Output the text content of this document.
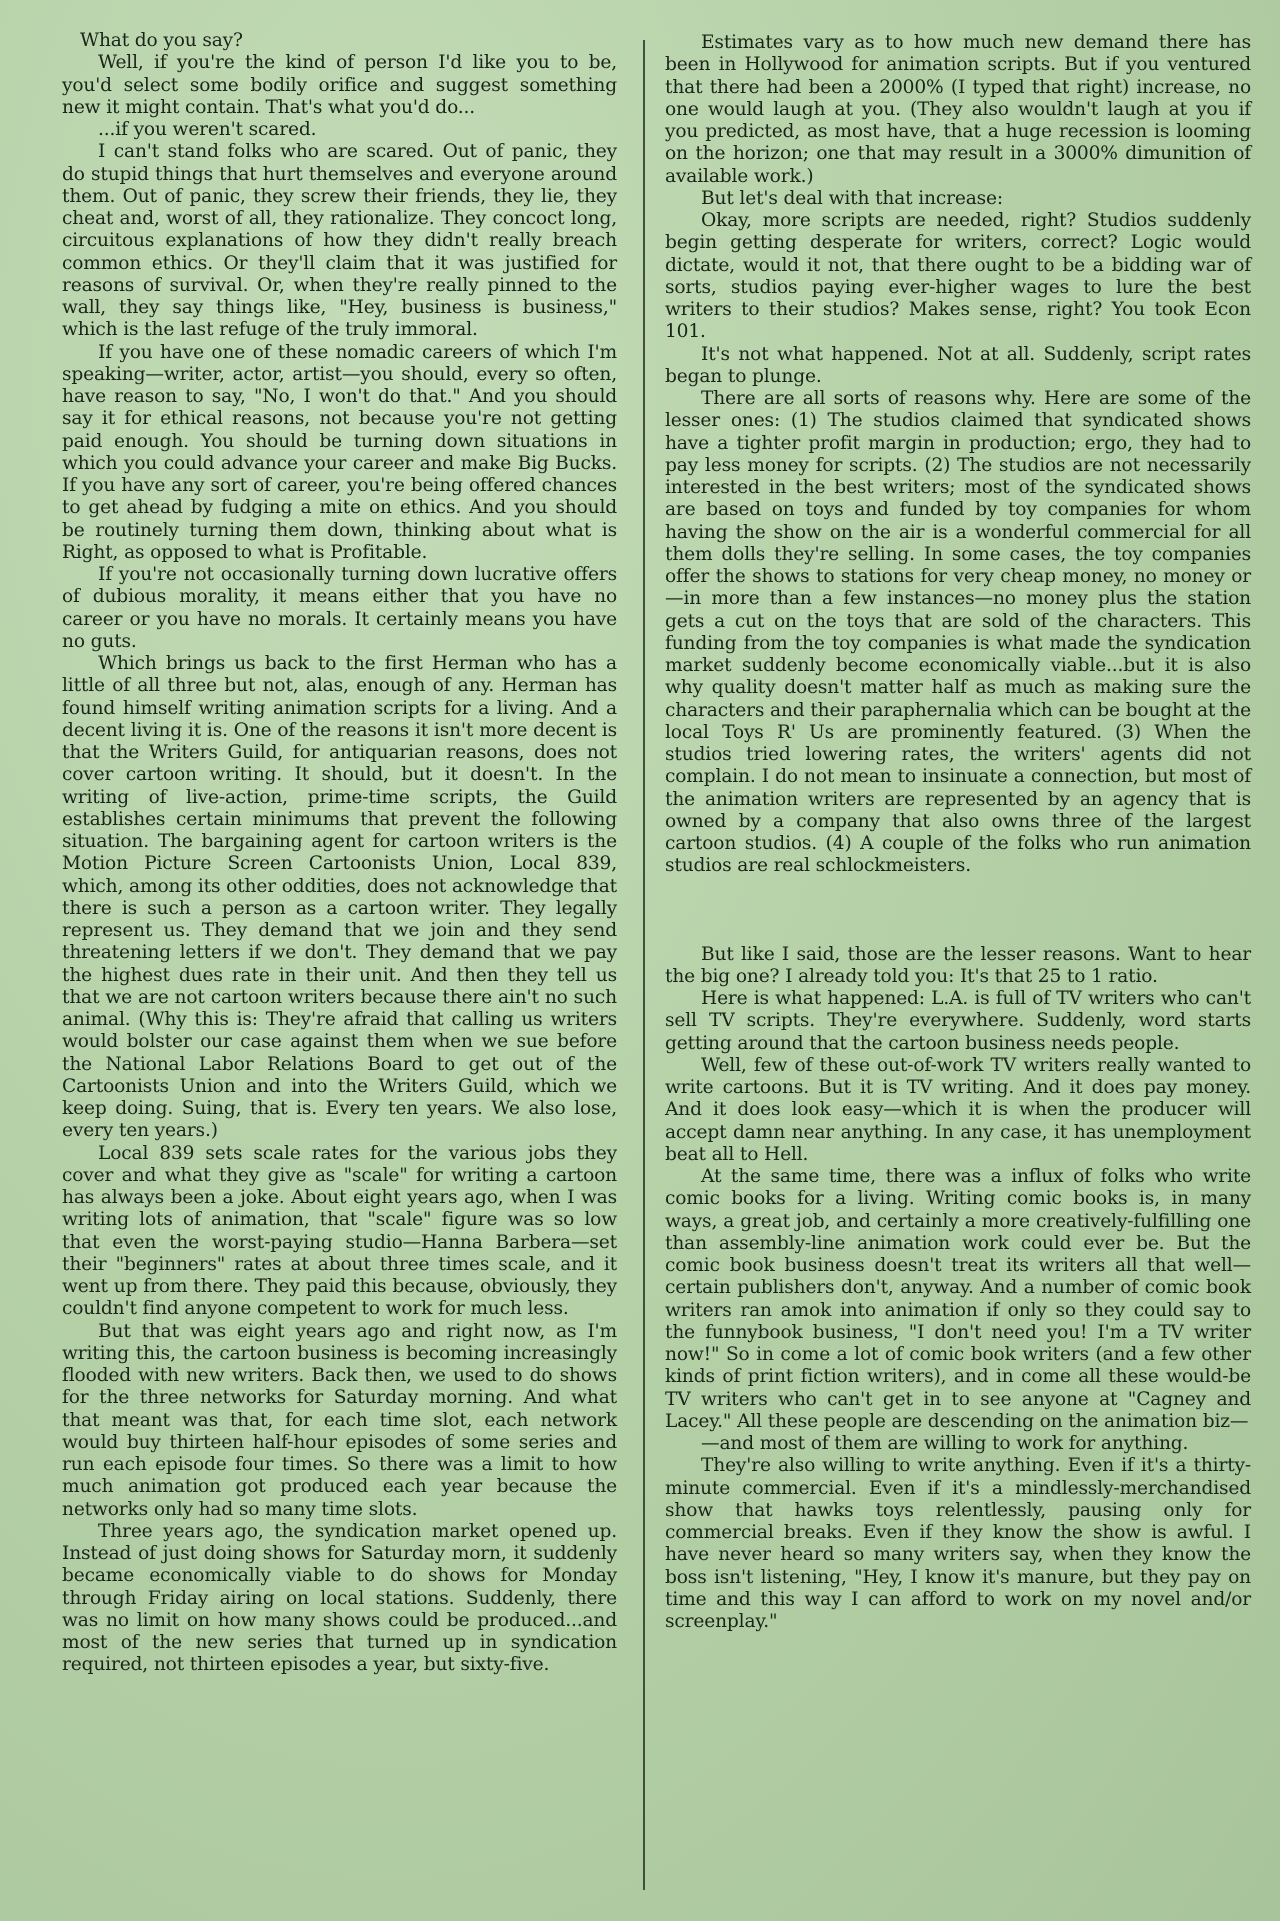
What do you say?

Well, if you're the kind of person I'd like you to be, you'd select some bodily orifice and suggest something new it might contain. That's what you'd do...

...if you weren't scared.

I can't stand folks who are scared. Out of panic, they do stupid things that hurt themselves and everyone around them. Out of panic, they screw their friends, they lie, they cheat and, worst of all, they rationalize. They concoct long, circuitous explanations of how they didn't really breach common ethics. Or they'll claim that it was justified for reasons of survival. Or, when they're really pinned to the wall, they say things like, "Hey, business is business," which is the last refuge of the truly immoral.

If you have one of these nomadic careers of which I'm speaking—writer, actor, artist—you should, every so often, have reason to say, "No, I won't do that." And you should say it for ethical reasons, not because you're not getting paid enough. You should be turning down situations in which you could advance your career and make Big Bucks. If you have any sort of career, you're being offered chances to get ahead by fudging a mite on ethics. And you should be routinely turning them down, thinking about what is Right, as opposed to what is Profitable.

If you're not occasionally turning down lucrative offers of dubious morality, it means either that you have no career or you have no morals. It certainly means you have no guts.

Which brings us back to the first Herman who has a little of all three but not, alas, enough of any. Herman has found himself writing animation scripts for a living. And a decent living it is. One of the reasons it isn't more decent is that the Writers Guild, for antiquarian reasons, does not cover cartoon writing. It should, but it doesn't. In the writing of live-action, prime-time scripts, the Guild establishes certain minimums that prevent the following situation. The bargaining agent for cartoon writers is the Motion Picture Screen Cartoonists Union, Local 839, which, among its other oddities, does not acknowledge that there is such a person as a cartoon writer. They legally represent us. They demand that we join and they send threatening letters if we don't. They demand that we pay the highest dues rate in their unit. And then they tell us that we are not cartoon writers because there ain't no such animal. (Why this is: They're afraid that calling us writers would bolster our case against them when we sue before the National Labor Relations Board to get out of the Cartoonists Union and into the Writers Guild, which we keep doing. Suing, that is. Every ten years. We also lose, every ten years.)

Local 839 sets scale rates for the various jobs they cover and what they give as "scale" for writing a cartoon has always been a joke. About eight years ago, when I was writing lots of animation, that "scale" figure was so low that even the worst-paying studio—Hanna Barbera—set their "beginners" rates at about three times scale, and it went up from there. They paid this because, obviously, they couldn't find anyone competent to work for much less.

But that was eight years ago and right now, as I'm writing this, the cartoon business is becoming increasingly flooded with new writers. Back then, we used to do shows for the three networks for Saturday morning. And what that meant was that, for each time slot, each network would buy thirteen half-hour episodes of some series and run each episode four times. So there was a limit to how much animation got produced each year because the networks only had so many time slots.

Three years ago, the syndication market opened up. Instead of just doing shows for Saturday morn, it suddenly became economically viable to do shows for Monday through Friday airing on local stations. Suddenly, there was no limit on how many shows could be produced...and most of the new series that turned up in syndication required, not thirteen episodes a year, but sixty-five.

Estimates vary as to how much new demand there has been in Hollywood for animation scripts. But if you ventured that there had been a 2000% (I typed that right) increase, no one would laugh at you. (They also wouldn't laugh at you if you predicted, as most have, that a huge recession is looming on the horizon; one that may result in a 3000% dimunition of available work.)

But let's deal with that increase:

Okay, more scripts are needed, right? Studios suddenly begin getting desperate for writers, correct? Logic would dictate, would it not, that there ought to be a bidding war of sorts, studios paying ever-higher wages to lure the best writers to their studios? Makes sense, right? You took Econ 101.

It's not what happened. Not at all. Suddenly, script rates began to plunge.

There are all sorts of reasons why. Here are some of the lesser ones: (1) The studios claimed that syndicated shows have a tighter profit margin in production; ergo, they had to pay less money for scripts. (2) The studios are not necessarily interested in the best writers; most of the syndicated shows are based on toys and funded by toy companies for whom having the show on the air is a wonderful commercial for all them dolls they're selling. In some cases, the toy companies offer the shows to stations for very cheap money, no money or—in more than a few instances—no money plus the station gets a cut on the toys that are sold of the characters. This funding from the toy companies is what made the syndication market suddenly become economically viable...but it is also why quality doesn't matter half as much as making sure the characters and their paraphernalia which can be bought at the local Toys R' Us are prominently featured. (3) When the studios tried lowering rates, the writers' agents did not complain. I do not mean to insinuate a connection, but most of the animation writers are represented by an agency that is owned by a company that also owns three of the largest cartoon studios. (4) A couple of the folks who run animation studios are real schlockmeisters.

But like I said, those are the lesser reasons. Want to hear the big one? I already told you: It's that 25 to 1 ratio.

Here is what happened: L.A. is full of TV writers who can't sell TV scripts. They're everywhere. Suddenly, word starts getting around that the cartoon business needs people.

Well, few of these out-of-work TV writers really wanted to write cartoons. But it is TV writing. And it does pay money. And it does look easy—which it is when the producer will accept damn near anything. In any case, it has unemployment beat all to Hell.

At the same time, there was a influx of folks who write comic books for a living. Writing comic books is, in many ways, a great job, and certainly a more creatively-fulfilling one than assembly-line animation work could ever be. But the comic book business doesn't treat its writers all that well—certain publishers don't, anyway. And a number of comic book writers ran amok into animation if only so they could say to the funnybook business, "I don't need you! I'm a TV writer now!" So in come a lot of comic book writers (and a few other kinds of print fiction writers), and in come all these would-be TV writers who can't get in to see anyone at "Cagney and Lacey." All these people are descending on the animation biz—

—and most of them are willing to work for anything.

They're also willing to write anything. Even if it's a thirty-minute commercial. Even if it's a mindlessly-merchandised show that hawks toys relentlessly, pausing only for commercial breaks. Even if they know the show is awful. I have never heard so many writers say, when they know the boss isn't listening, "Hey, I know it's manure, but they pay on time and this way I can afford to work on my novel and/or screenplay."
